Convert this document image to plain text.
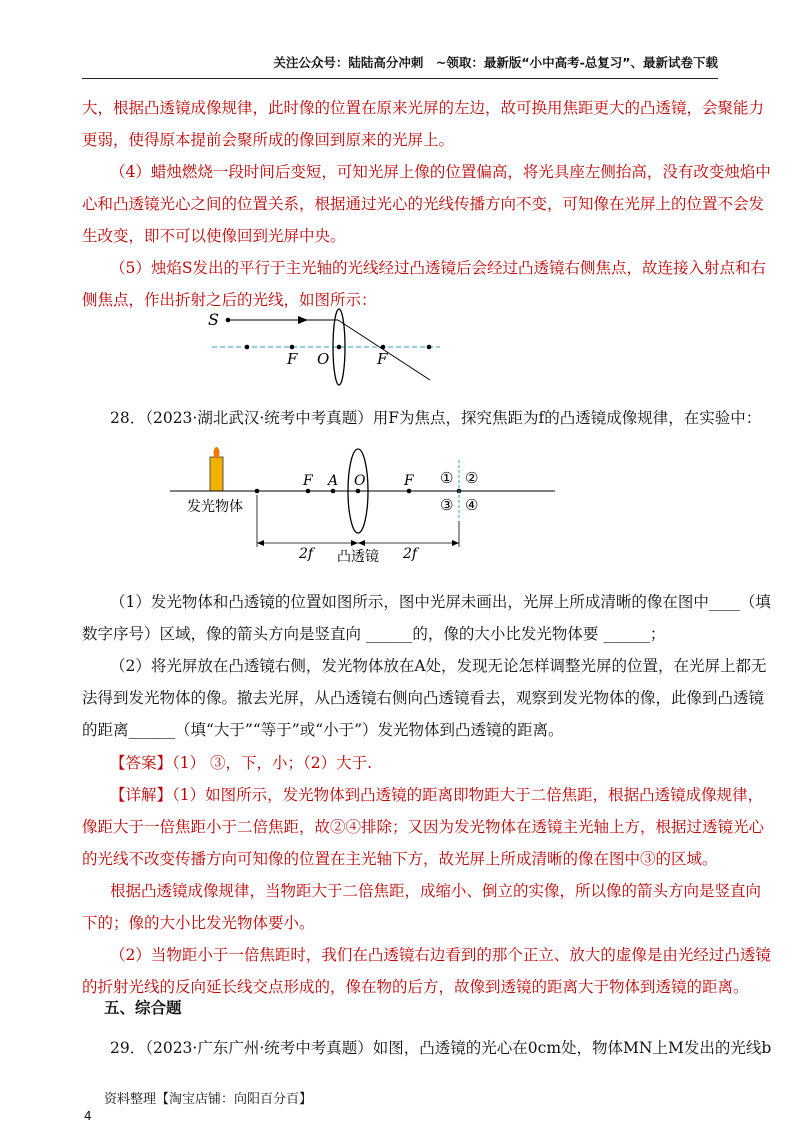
关注公众号：陆陆高分冲刺　~领取：最新版“小中高考-总复习”、最新试卷下载
大，根据凸透镜成像规律，此时像的位置在原来光屏的左边，故可换用焦距更大的凸透镜，会聚能力
更弱，使得原本提前会聚所成的像回到原来的光屏上。
（4）蜡烛燃烧一段时间后变短，可知光屏上像的位置偏高，将光具座左侧抬高，没有改变烛焰中
心和凸透镜光心之间的位置关系，根据通过光心的光线传播方向不变，可知像在光屏上的位置不会发
生改变，即不可以使像回到光屏中央。
（5）烛焰S发出的平行于主光轴的光线经过凸透镜后会经过凸透镜右侧焦点，故连接入射点和右
侧焦点，作出折射之后的光线，如图所示：
28．（2023·湖北武汉·统考中考真题）用F为焦点，探究焦距为f的凸透镜成像规律，在实验中：
（1）发光物体和凸透镜的位置如图所示，图中光屏未画出，光屏上所成清晰的像在图中____（填
数字序号）区域，像的箭头方向是竖直向 ______的，像的大小比发光物体要 ______；
（2）将光屏放在凸透镜右侧，发光物体放在A处，发现无论怎样调整光屏的位置，在光屏上都无
法得到发光物体的像。撤去光屏，从凸透镜右侧向凸透镜看去，观察到发光物体的像，此像到凸透镜
的距离______（填“大于”“等于”或“小于”）发光物体到凸透镜的距离。
【答案】（1） ③，下，小；（2）大于.
【详解】（1）如图所示，发光物体到凸透镜的距离即物距大于二倍焦距，根据凸透镜成像规律，
像距大于一倍焦距小于二倍焦距，故②④排除；又因为发光物体在透镜主光轴上方，根据过透镜光心
的光线不改变传播方向可知像的位置在主光轴下方，故光屏上所成清晰的像在图中③的区域。
根据凸透镜成像规律，当物距大于二倍焦距，成缩小、倒立的实像，所以像的箭头方向是竖直向
下的；像的大小比发光物体要小。
（2）当物距小于一倍焦距时，我们在凸透镜右边看到的那个正立、放大的虚像是由光经过凸透镜
的折射光线的反向延长线交点形成的，像在物的后方，故像到透镜的距离大于物体到透镜的距离。
29．（2023·广东广州·统考中考真题）如图，凸透镜的光心在0cm处，物体MN上M发出的光线b
五、综合题
S
F O	F
F A O	F ① ②
③ ④
发光物体
2f	2f
凸透镜
资料整理【淘宝店铺：向阳百分百】
4
